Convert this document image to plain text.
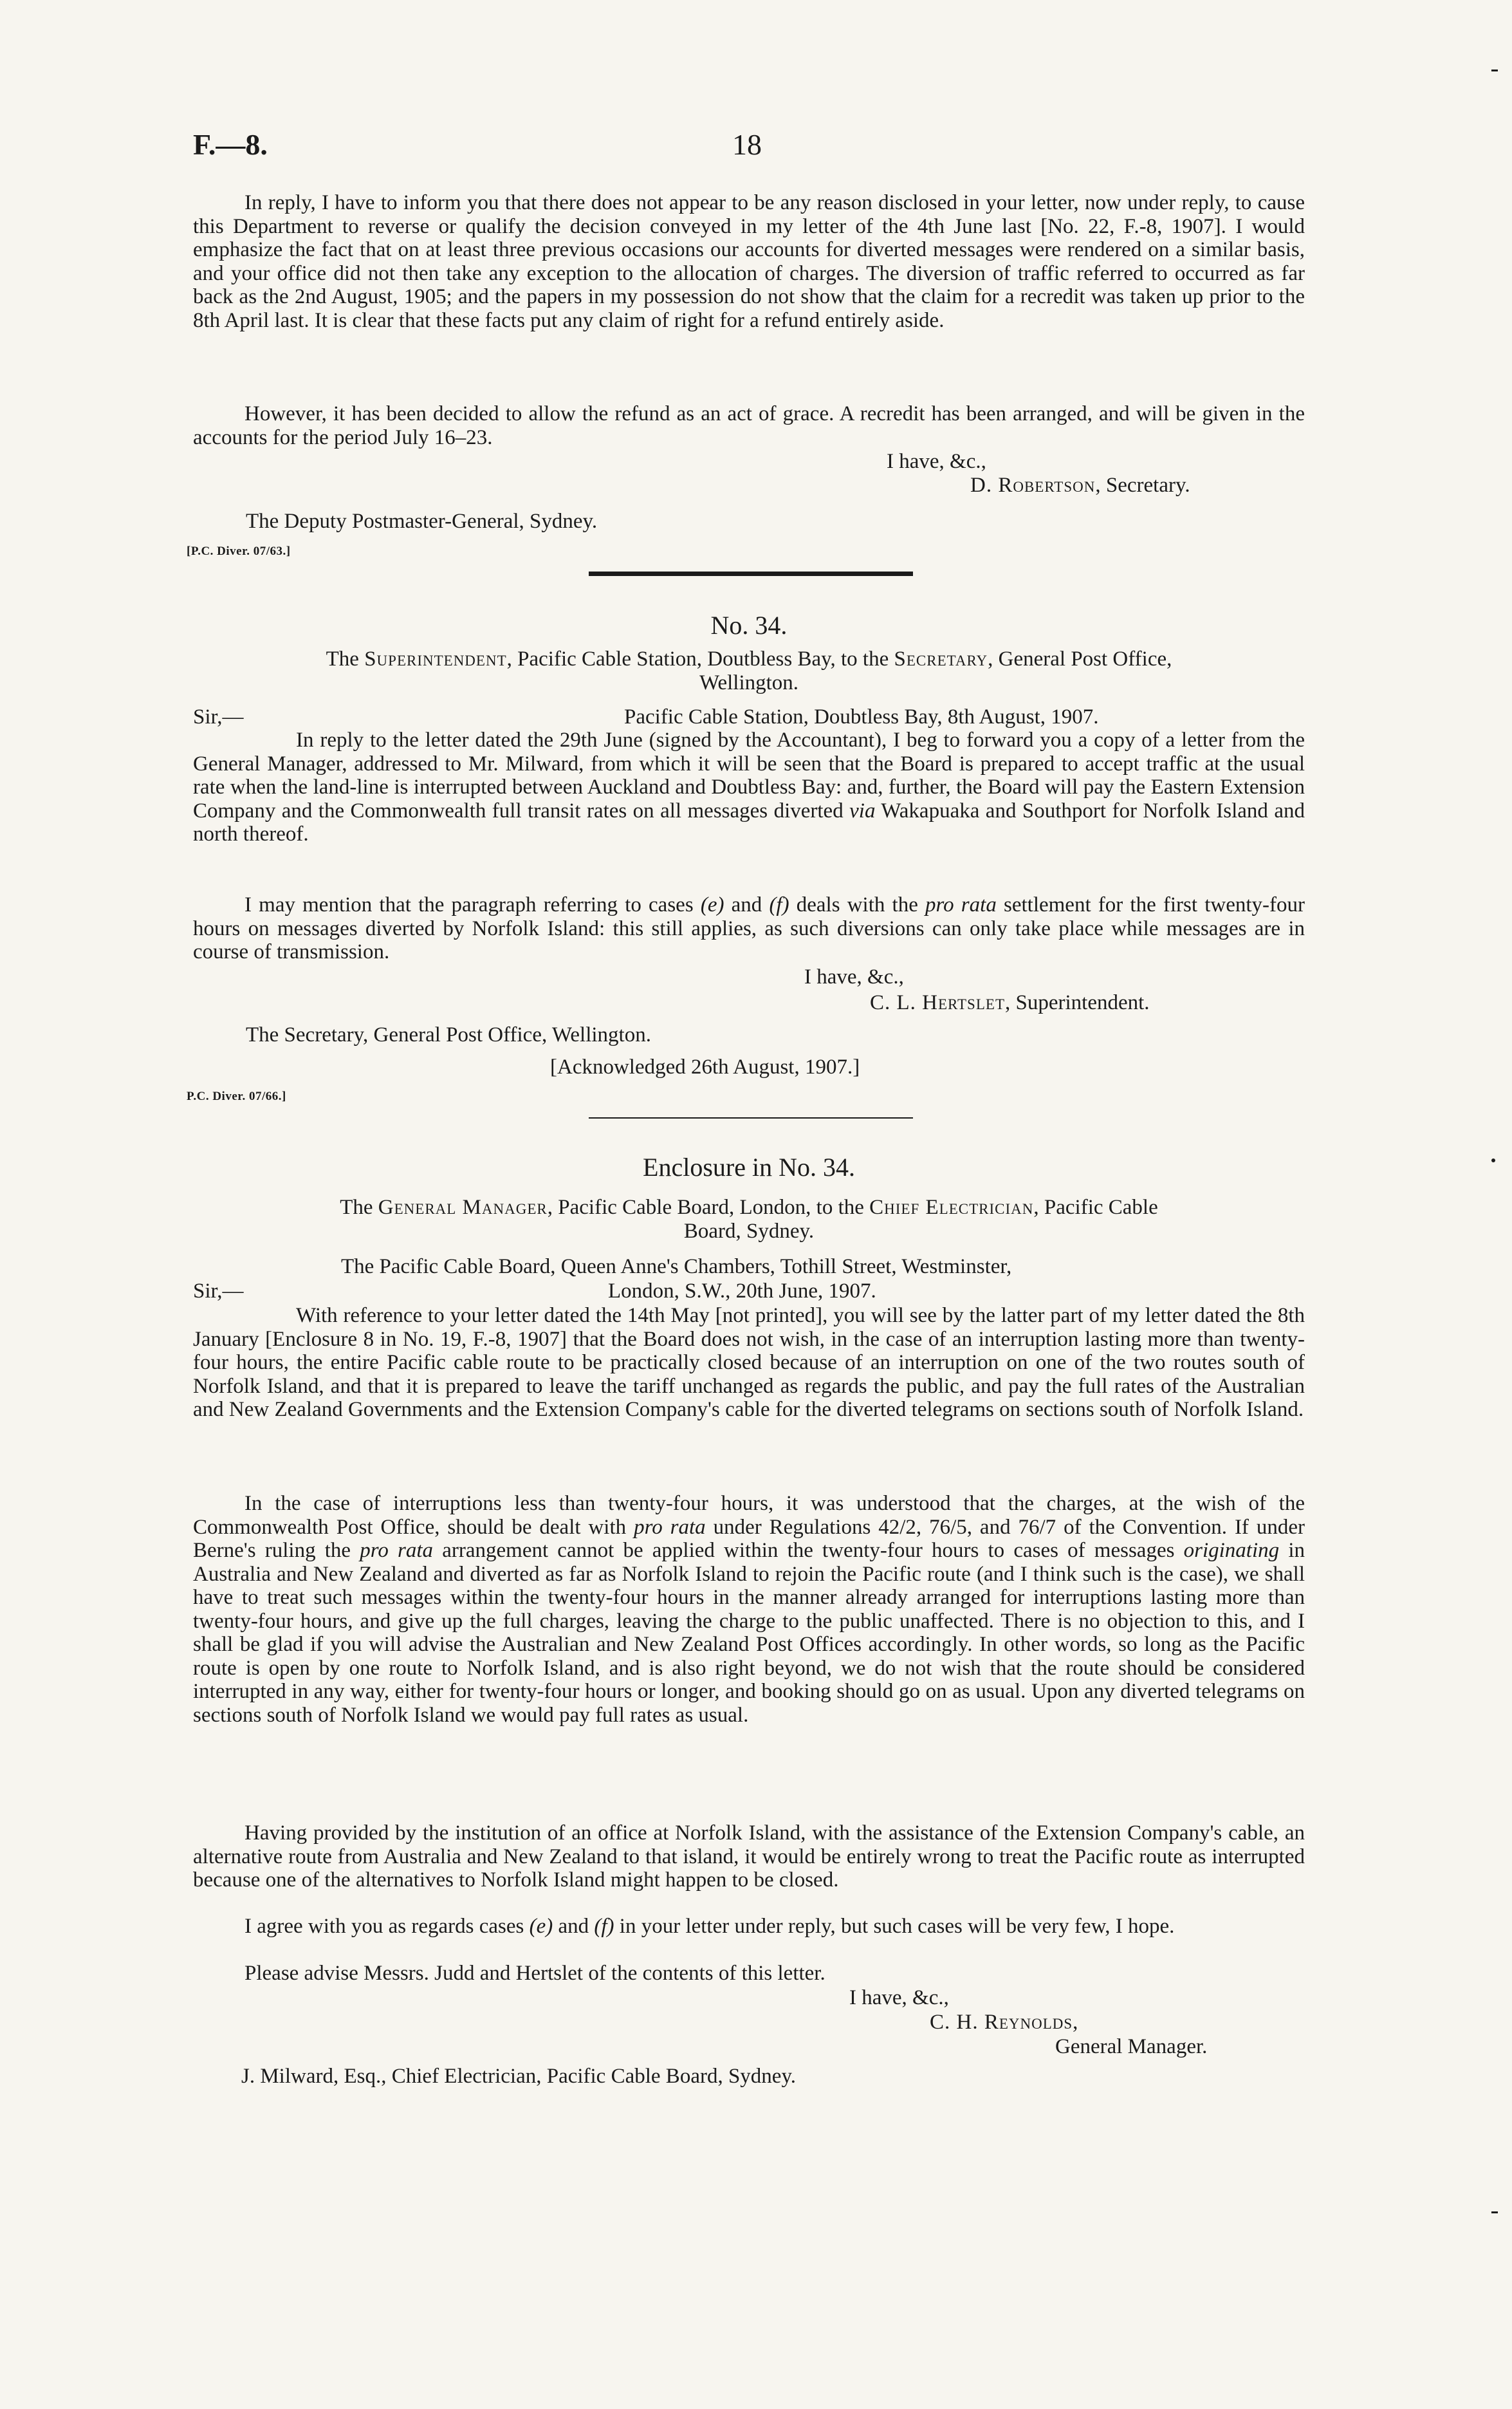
F.—8.	18

In reply, I have to inform you that there does not appear to be any reason disclosed in your letter, now under reply, to cause this Department to reverse or qualify the decision conveyed in my letter of the 4th June last [No. 22, F.-8, 1907]. I would emphasize the fact that on at least three previous occasions our accounts for diverted messages were rendered on a similar basis, and your office did not then take any exception to the allocation of charges. The diversion of traffic referred to occurred as far back as the 2nd August, 1905; and the papers in my possession do not show that the claim for a recredit was taken up prior to the 8th April last. It is clear that these facts put any claim of right for a refund entirely aside.

However, it has been decided to allow the refund as an act of grace. A recredit has been arranged, and will be given in the accounts for the period July 16–23.

I have, &c.,
D. Robertson, Secretary.
The Deputy Postmaster-General, Sydney.
[P.C. Diver. 07/63.]
No. 34.
The Superintendent, Pacific Cable Station, Doutbless Bay, to the Secretary, General Post Office,
Wellington.
Sir,—	Pacific Cable Station, Doubtless Bay, 8th August, 1907.

In reply to the letter dated the 29th June (signed by the Accountant), I beg to forward you a copy of a letter from the General Manager, addressed to Mr. Milward, from which it will be seen that the Board is prepared to accept traffic at the usual rate when the land-line is interrupted between Auckland and Doubtless Bay: and, further, the Board will pay the Eastern Extension Company and the Commonwealth full transit rates on all messages diverted via Wakapuaka and Southport for Norfolk Island and north thereof.

I may mention that the paragraph referring to cases (e) and (f) deals with the pro rata settlement for the first twenty-four hours on messages diverted by Norfolk Island: this still applies, as such diversions can only take place while messages are in course of transmission.

I have, &c.,
C. L. Hertslet, Superintendent.
The Secretary, General Post Office, Wellington.
[Acknowledged 26th August, 1907.]
P.C. Diver. 07/66.]
Enclosure in No. 34.
The General Manager, Pacific Cable Board, London, to the Chief Electrician, Pacific Cable
Board, Sydney.
The Pacific Cable Board, Queen Anne's Chambers, Tothill Street, Westminster,
Sir,—	London, S.W., 20th June, 1907.

With reference to your letter dated the 14th May [not printed], you will see by the latter part of my letter dated the 8th January [Enclosure 8 in No. 19, F.-8, 1907] that the Board does not wish, in the case of an interruption lasting more than twenty-four hours, the entire Pacific cable route to be practically closed because of an interruption on one of the two routes south of Norfolk Island, and that it is prepared to leave the tariff unchanged as regards the public, and pay the full rates of the Australian and New Zealand Governments and the Extension Company's cable for the diverted telegrams on sections south of Norfolk Island.

In the case of interruptions less than twenty-four hours, it was understood that the charges, at the wish of the Commonwealth Post Office, should be dealt with pro rata under Regulations 42/2, 76/5, and 76/7 of the Convention. If under Berne's ruling the pro rata arrangement cannot be applied within the twenty-four hours to cases of messages originating in Australia and New Zealand and diverted as far as Norfolk Island to rejoin the Pacific route (and I think such is the case), we shall have to treat such messages within the twenty-four hours in the manner already arranged for interruptions lasting more than twenty-four hours, and give up the full charges, leaving the charge to the public unaffected. There is no objection to this, and I shall be glad if you will advise the Australian and New Zealand Post Offices accordingly. In other words, so long as the Pacific route is open by one route to Norfolk Island, and is also right beyond, we do not wish that the route should be considered interrupted in any way, either for twenty-four hours or longer, and booking should go on as usual. Upon any diverted telegrams on sections south of Norfolk Island we would pay full rates as usual.

Having provided by the institution of an office at Norfolk Island, with the assistance of the Extension Company's cable, an alternative route from Australia and New Zealand to that island, it would be entirely wrong to treat the Pacific route as interrupted because one of the alternatives to Norfolk Island might happen to be closed.

I agree with you as regards cases (e) and (f) in your letter under reply, but such cases will be very few, I hope.

Please advise Messrs. Judd and Hertslet of the contents of this letter.

I have, &c.,
C. H. Reynolds,
General Manager.
J. Milward, Esq., Chief Electrician, Pacific Cable Board, Sydney.
